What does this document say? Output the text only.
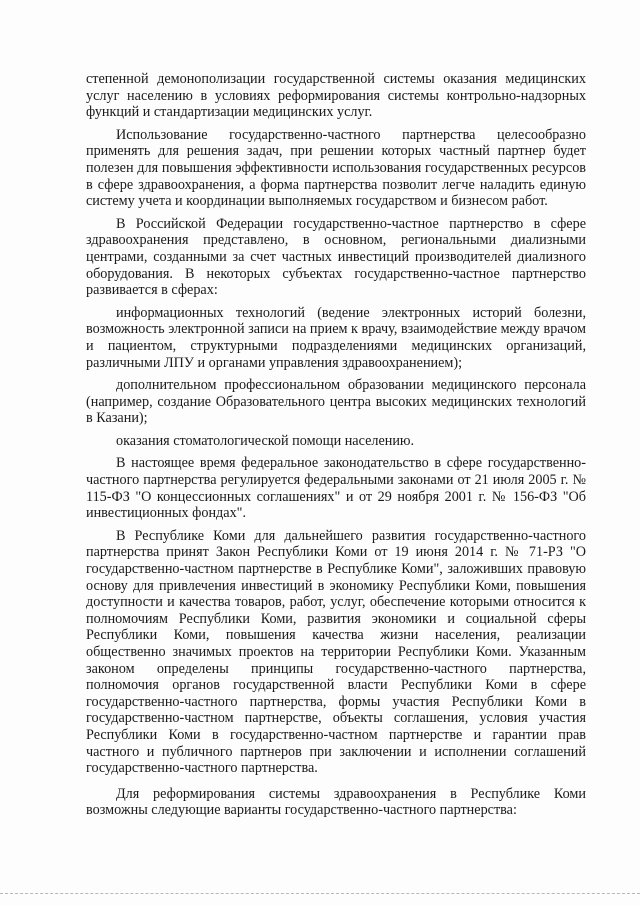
степенной демонополизации государственной системы оказания медицинских услуг населению в условиях реформирования системы контрольно-надзорных функций и стандартизации медицинских услуг.

Использование государственно-частного партнерства целесообразно применять для решения задач, при решении которых частный партнер будет полезен для повышения эффективности использования государственных ресурсов в сфере здравоохранения, а форма партнерства позволит легче наладить единую систему учета и координации выполняемых государством и бизнесом работ.

В Российской Федерации государственно-частное партнерство в сфере здравоохранения представлено, в основном, региональными диализными центрами, созданными за счет частных инвестиций производителей диализного оборудования. В некоторых субъектах государственно-частное партнерство развивается в сферах:

информационных технологий (ведение электронных историй болезни, возможность электронной записи на прием к врачу, взаимодействие между врачом и пациентом, структурными подразделениями медицинских организаций, различными ЛПУ и органами управления здравоохранением);

дополнительном профессиональном образовании медицинского персонала (например, создание Образовательного центра высоких медицинских технологий в Казани);

оказания стоматологической помощи населению.

В настоящее время федеральное законодательство в сфере государственно-частного партнерства регулируется федеральными законами от 21 июля 2005 г. № 115-ФЗ "О концессионных соглашениях" и от 29 ноября 2001 г. № 156-ФЗ "Об инвестиционных фондах".

В Республике Коми для дальнейшего развития государственно-частного партнерства принят Закон Республики Коми от 19 июня 2014 г. № 71-РЗ "О государственно-частном партнерстве в Республике Коми", заложивших правовую основу для привлечения инвестиций в экономику Республики Коми, повышения доступности и качества товаров, работ, услуг, обеспечение которыми относится к полномочиям Республики Коми, развития экономики и социальной сферы Республики Коми, повышения качества жизни населения, реализации общественно значимых проектов на территории Республики Коми. Указанным законом определены принципы государственно-частного партнерства, полномочия органов государственной власти Республики Коми в сфере государственно-частного партнерства, формы участия Республики Коми в государственно-частном партнерстве, объекты соглашения, условия участия Республики Коми в государственно-частном партнерстве и гарантии прав частного и публичного партнеров при заключении и исполнении соглашений государственно-частного партнерства.

Для реформирования системы здравоохранения в Республике Коми возможны следующие варианты государственно-частного партнерства:
